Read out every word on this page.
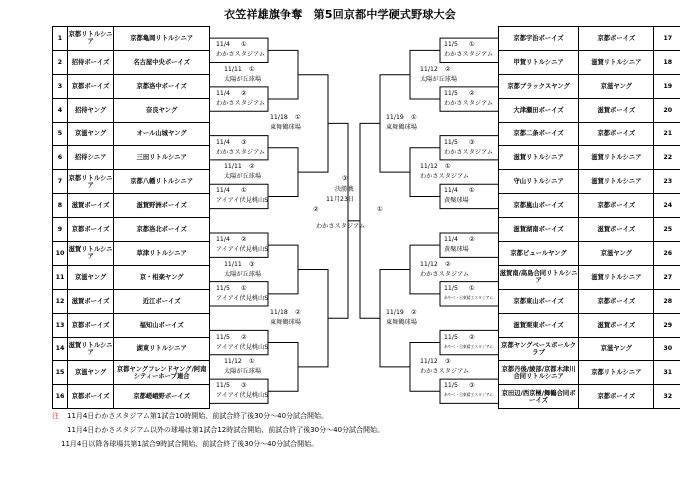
衣笠祥雄旗争奪　第5回京都中学硬式野球大会
1	京都リトルシニア	京都亀岡リトルシニア
2	招待ボーイズ	名古屋中央ボーイズ
3	京都ボーイズ	京都洛中ボーイズ
4	招待ヤング	奈良ヤング
5	京滋ヤング	オール山城ヤング
6	招待シニア	三田リトルシニア
7	京都リトルシニア	京都八幡リトルシニア
8	滋賀ボーイズ	滋賀野洲ボーイズ
9	京都ボーイズ	京都洛北ボーイズ
10	滋賀リトルシニア	草津リトルシニア
11	京滋ヤング	京・相楽ヤング
12	滋賀ボーイズ	近江ボーイズ
13	京都ボーイズ	福知山ボーイズ
14	滋賀リトルシニア	湖東リトルシニア
15	京滋ヤング	京都ヤングフレンドヤング/阿南シティーホープ連合
16	京都ボーイズ	京都嵯峨野ボーイズ
京都宇治ボーイズ	京都ボーイズ	17
甲賀リトルシニア	滋賀リトルシニア	18
京都ブラックスヤング	京滋ヤング	19
大津瀬田ボーイズ	滋賀ボーイズ	20
京都二条ボーイズ	京都ボーイズ	21
滋賀リトルシニア	滋賀リトルシニア	22
守山リトルシニア	滋賀リトルシニア	23
京都嵐山ボーイズ	京都ボーイズ	24
滋賀湖南ボーイズ	滋賀ボーイズ	25
京都ビュールヤング	京滋ヤング	26
滋賀南/高島合同リトルシニア	滋賀リトルシニア	27
京都東山ボーイズ	京都ボーイズ	28
滋賀栗東ボーイズ	滋賀ボーイズ	29
京都ヤングベースボールクラブ	京滋ヤング	30
京都丹後/綾部/京都木津川合同リトルシニア	京都リトルシニア	31
京田辺/西京極/舞鶴合同ボーイズ	京都ボーイズ	32
11/4 ①
わかさスタジアム
11/4 ②
わかさスタジアム
11/4 ③
わかさスタジアム
11/4 ①
アイアイ伏見桃山S
11/4 ②
アイアイ伏見桃山S
11/5 ①
アイアイ伏見桃山S
11/5 ②
アイアイ伏見桃山S
11/5 ③
アイアイ伏見桃山S
11/11 ①
太陽が丘球場
11/11 ②
太陽が丘球場
11/11 ③
太陽が丘球場
11/12 ①
太陽が丘球場
11/18 ①
東舞鶴球場
11/18 ②
東舞鶴球場
11/5 ①
わかさスタジアム
11/5 ②
わかさスタジアム
11/5 ③
わかさスタジアム
11/4 ①
黄檗球場
11/4 ②
黄檗球場
11/5 ①
あやべ・日東精工スタジアム
11/5 ②
あやべ・日東精工スタジアム
11/5 ③
あやべ・日東精工スタジアム
11/12 ②
太陽が丘球場
11/12 ①
わかさスタジアム
11/12 ②
わかさスタジアム
11/12 ③
わかさスタジアム
11/19 ①
東舞鶴球場
11/19 ②
東舞鶴球場
③
決勝戦
11月23日
わかさスタジアム
②	①
注 11月4日わかさスタジアム第1試合10時開始、前試合終了後30分～40分試合開始。
11月4日わかさスタジアム以外の球場は第1試合12時試合開始、前試合終了後30分～40分試合開始。
11月4日以降各球場共第1試合9時試合開始、前試合終了後30分～40分試合開始。
